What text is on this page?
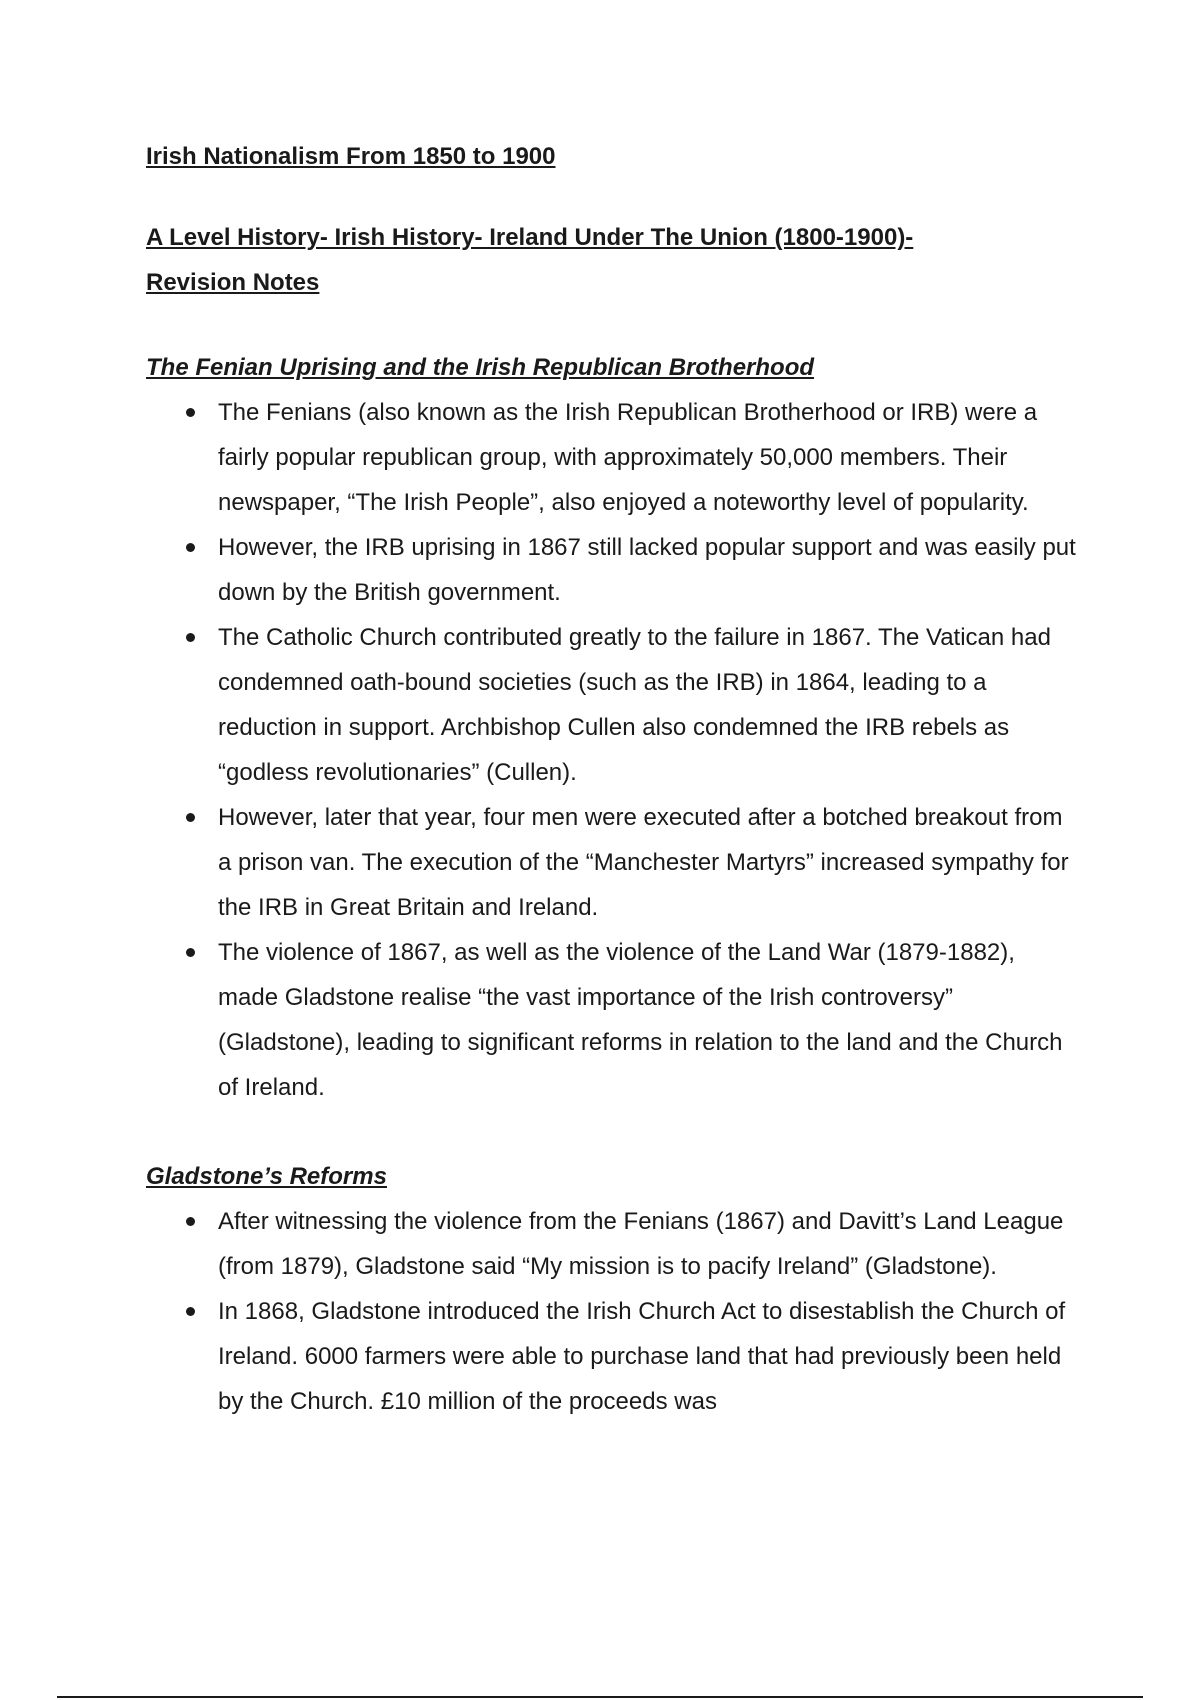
Irish Nationalism From 1850 to 1900
A Level History- Irish History- Ireland Under The Union (1800-1900)-
Revision Notes
The Fenian Uprising and the Irish Republican Brotherhood
The Fenians (also known as the Irish Republican Brotherhood or IRB) were a fairly popular republican group, with approximately 50,000 members. Their newspaper, “The Irish People”, also enjoyed a noteworthy level of popularity.
However, the IRB uprising in 1867 still lacked popular support and was easily put down by the British government.
The Catholic Church contributed greatly to the failure in 1867. The Vatican had condemned oath-bound societies (such as the IRB) in 1864, leading to a reduction in support. Archbishop Cullen also condemned the IRB rebels as “godless revolutionaries” (Cullen).
However, later that year, four men were executed after a botched breakout from a prison van. The execution of the “Manchester Martyrs” increased sympathy for the IRB in Great Britain and Ireland.
The violence of 1867, as well as the violence of the Land War (1879-1882), made Gladstone realise “the vast importance of the Irish controversy” (Gladstone), leading to significant reforms in relation to the land and the Church of Ireland.
Gladstone’s Reforms
After witnessing the violence from the Fenians (1867) and Davitt’s Land League (from 1879), Gladstone said “My mission is to pacify Ireland” (Gladstone).
In 1868, Gladstone introduced the Irish Church Act to disestablish the Church of Ireland. 6000 farmers were able to purchase land that had previously been held by the Church. £10 million of the proceeds was
